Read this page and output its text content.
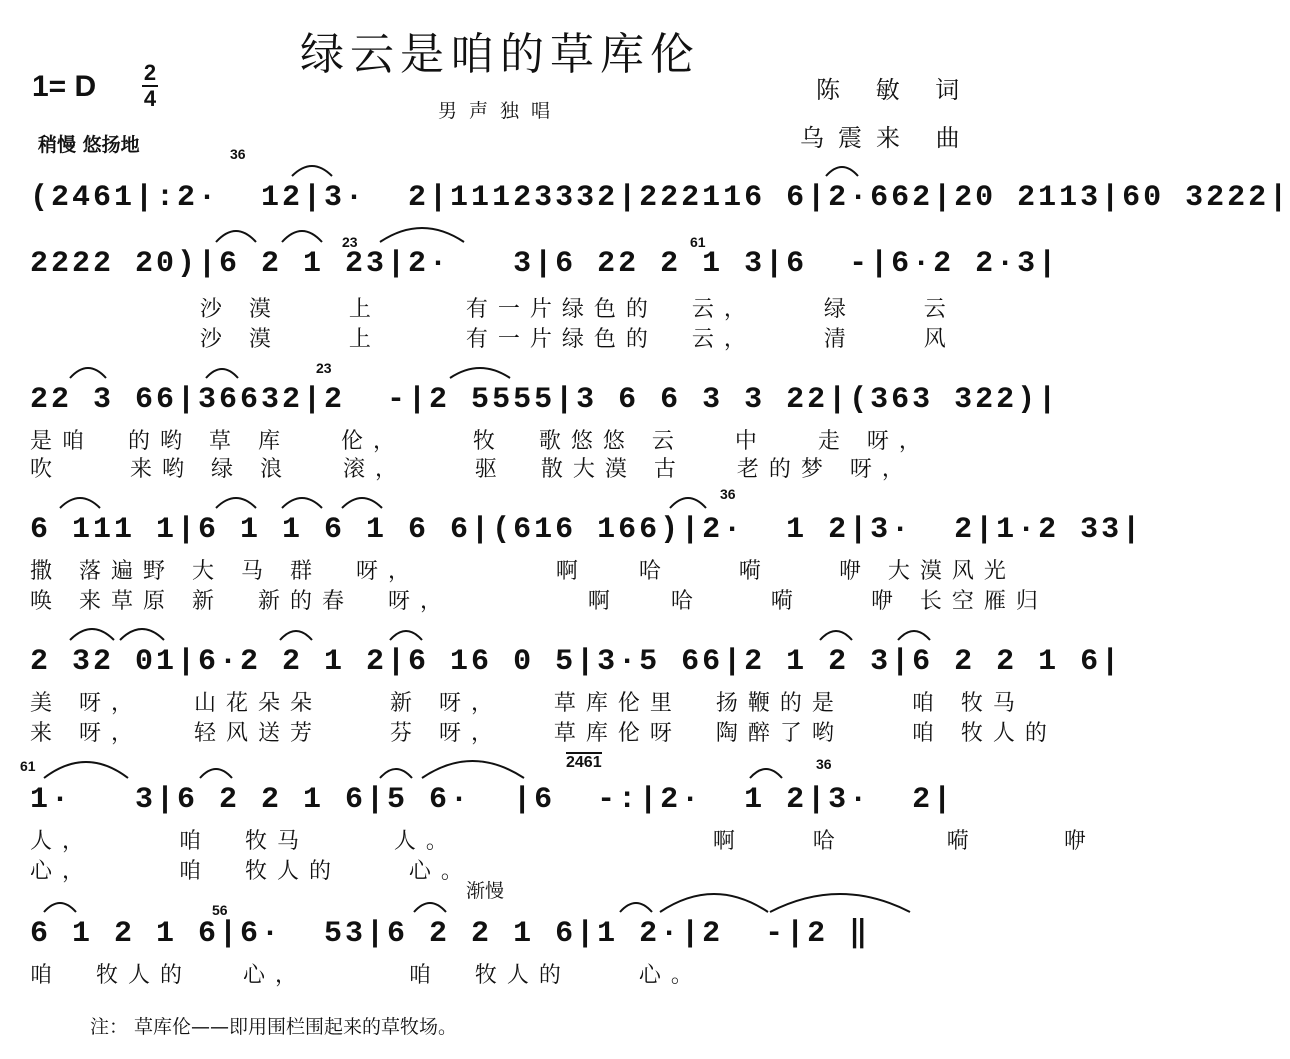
绿云是咱的草库伦
男声独唱
陈 敏 词
乌震来 曲
1= D 2
4
稍慢 悠扬地
(2461|:2·  12|3·  2|11123332|222116 6|2·662|20 2113|60 3222|
36
2222 20)|6 2 1 23|2·   3|6 22 2 1 3|6  -|6·2 2·3|
23	61
沙 漠    上     有一片绿色的  云，    绿    云
沙 漠    上     有一片绿色的  云，    清    风
22 3 66|36632|2  -|2 5555|3 6 6 3 3 22|(363 322)|
23
是咱  的哟 草 库   伦，    牧  歌悠悠 云   中   走 呀，
吹    来哟 绿 浪   滚，    驱  散大漠 古   老的梦 呀，
6 111 1|6 1 1 6 1 6 6|(616 166)|2·  1 2|3·  2|1·2 33|
36
撒 落遍野 大 马 群  呀，        啊   哈    嗬    咿 大漠风光
唤 来草原 新  新的春  呀，        啊   哈    嗬    咿 长空雁归
2 32 01|6·2 2 1 2|6 16 0 5|3·5 66|2 1 2 3|6 2 2 1 6|
美 呀，   山花朵朵    新 呀，   草库伦里  扬鞭的是    咱 牧马
来 呀，   轻风送芳    芬 呀，   草库伦呀  陶醉了哟    咱 牧人的
1·   3|6 2 2 1 6|5 6·  |6  -:|2·  1 2|3·  2|
61	2461	36
人，     咱  牧马     人。               啊    哈      嗬     咿
心，     咱  牧人的    心。
6 1 2 1 6|6·  53|6 2 2 1 6|1 2·|2  -|2 ‖
渐慢
56
咱  牧人的   心，      咱  牧人的    心。
注： 草库伦——即用围栏围起来的草牧场。
